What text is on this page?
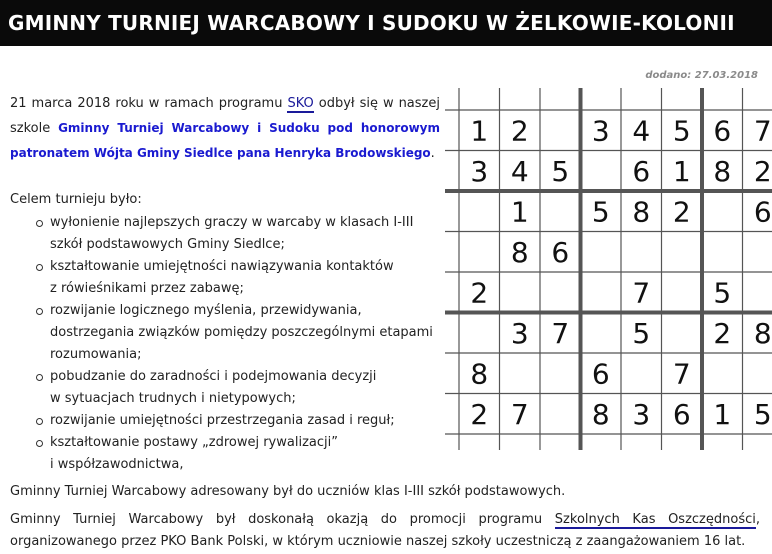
GMINNY TURNIEJ WARCABOWY I SUDOKU W ŻELKOWIE-KOLONII
dodano: 27.03.2018
21 marca 2018 roku w ramach programu SKO odbył się w naszej szkole Gminny Turniej Warcabowy i Sudoku pod honorowym patronatem Wójta Gminy Siedlce pana Henryka Brodowskiego.
Celem turnieju było:
wyłonienie najlepszych graczy w warcaby w klasach I-III
szkół podstawowych Gminy Siedlce;
kształtowanie umiejętności nawiązywania kontaktów
z rówieśnikami przez zabawę;
rozwijanie logicznego myślenia, przewidywania,
dostrzegania związków pomiędzy poszczególnymi etapami
rozumowania;
pobudzanie do zaradności i podejmowania decyzji
w sytuacjach trudnych i nietypowych;
rozwijanie umiejętności przestrzegania zasad i reguł;
kształtowanie postawy „zdrowej rywalizacji”
i współzawodnictwa,
1 2 3 4 5 6 7
3 4 5 6 1 8 2
1 5 8 2 6
8 6
2	7 5
3 7 5 2 8
8	6 7
2 7 8 3 6 1 5
Gminny Turniej Warcabowy adresowany był do uczniów klas I-III szkół podstawowych.
Gminny Turniej Warcabowy był doskonałą okazją do promocji programu Szkolnych Kas Oszczędności, organizowanego przez PKO Bank Polski, w którym uczniowie naszej szkoły uczestniczą z zaangażowaniem 16 lat.
